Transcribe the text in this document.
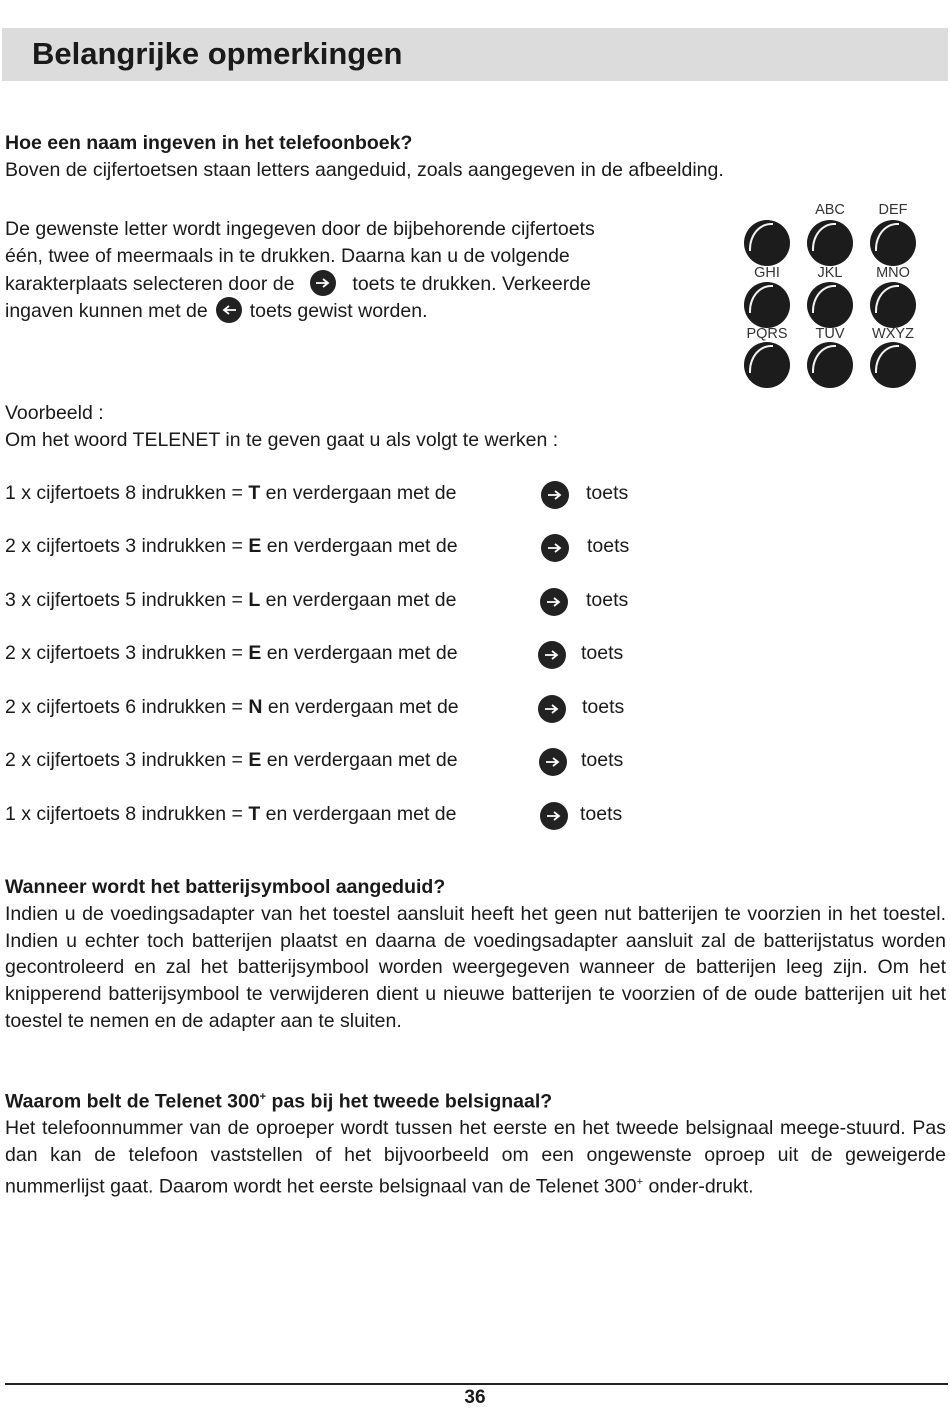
Belangrijke opmerkingen
Hoe een naam ingeven in het telefoonboek?
Boven de cijfertoetsen staan letters aangeduid, zoals aangegeven in de afbeelding.
De gewenste letter wordt ingegeven door de bijbehorende cijfertoets
één, twee of meermaals in te drukken. Daarna kan u de volgende
karakterplaats selecteren door de	toets te drukken. Verkeerde
ingaven kunnen met de toets gewist worden.
ABC	DEF
GHI	JKL	MNO
PQRS	TUV	WXYZ
Voorbeeld :
Om het woord TELENET in te geven gaat u als volgt te werken :
1 x cijfertoets 8 indrukken = T en verdergaan met de	toets
2 x cijfertoets 3 indrukken = E en verdergaan met de	toets
3 x cijfertoets 5 indrukken = L en verdergaan met de	toets
2 x cijfertoets 3 indrukken = E en verdergaan met de	toets
2 x cijfertoets 6 indrukken = N en verdergaan met de	toets
2 x cijfertoets 3 indrukken = E en verdergaan met de	toets
1 x cijfertoets 8 indrukken = T en verdergaan met de	toets
Wanneer wordt het batterijsymbool aangeduid?
Indien u de voedingsadapter van het toestel aansluit heeft het geen nut batterijen te voorzien in het toestel. Indien u echter toch batterijen plaatst en daarna de voedingsadapter aansluit zal de batterijstatus worden gecontroleerd en zal het batterijsymbool worden weergegeven wanneer de batterijen leeg zijn. Om het knipperend batterijsymbool te verwijderen dient u nieuwe batterijen te voorzien of de oude batterijen uit het toestel te nemen en de adapter aan te sluiten.
Waarom belt de Telenet 300+ pas bij het tweede belsignaal?
Het telefoonnummer van de oproeper wordt tussen het eerste en het tweede belsignaal meege-stuurd. Pas dan kan de telefoon vaststellen of het bijvoorbeeld om een ongewenste oproep uit de geweigerde nummerlijst gaat. Daarom wordt het eerste belsignaal van de Telenet 300+ onder-drukt.
36
